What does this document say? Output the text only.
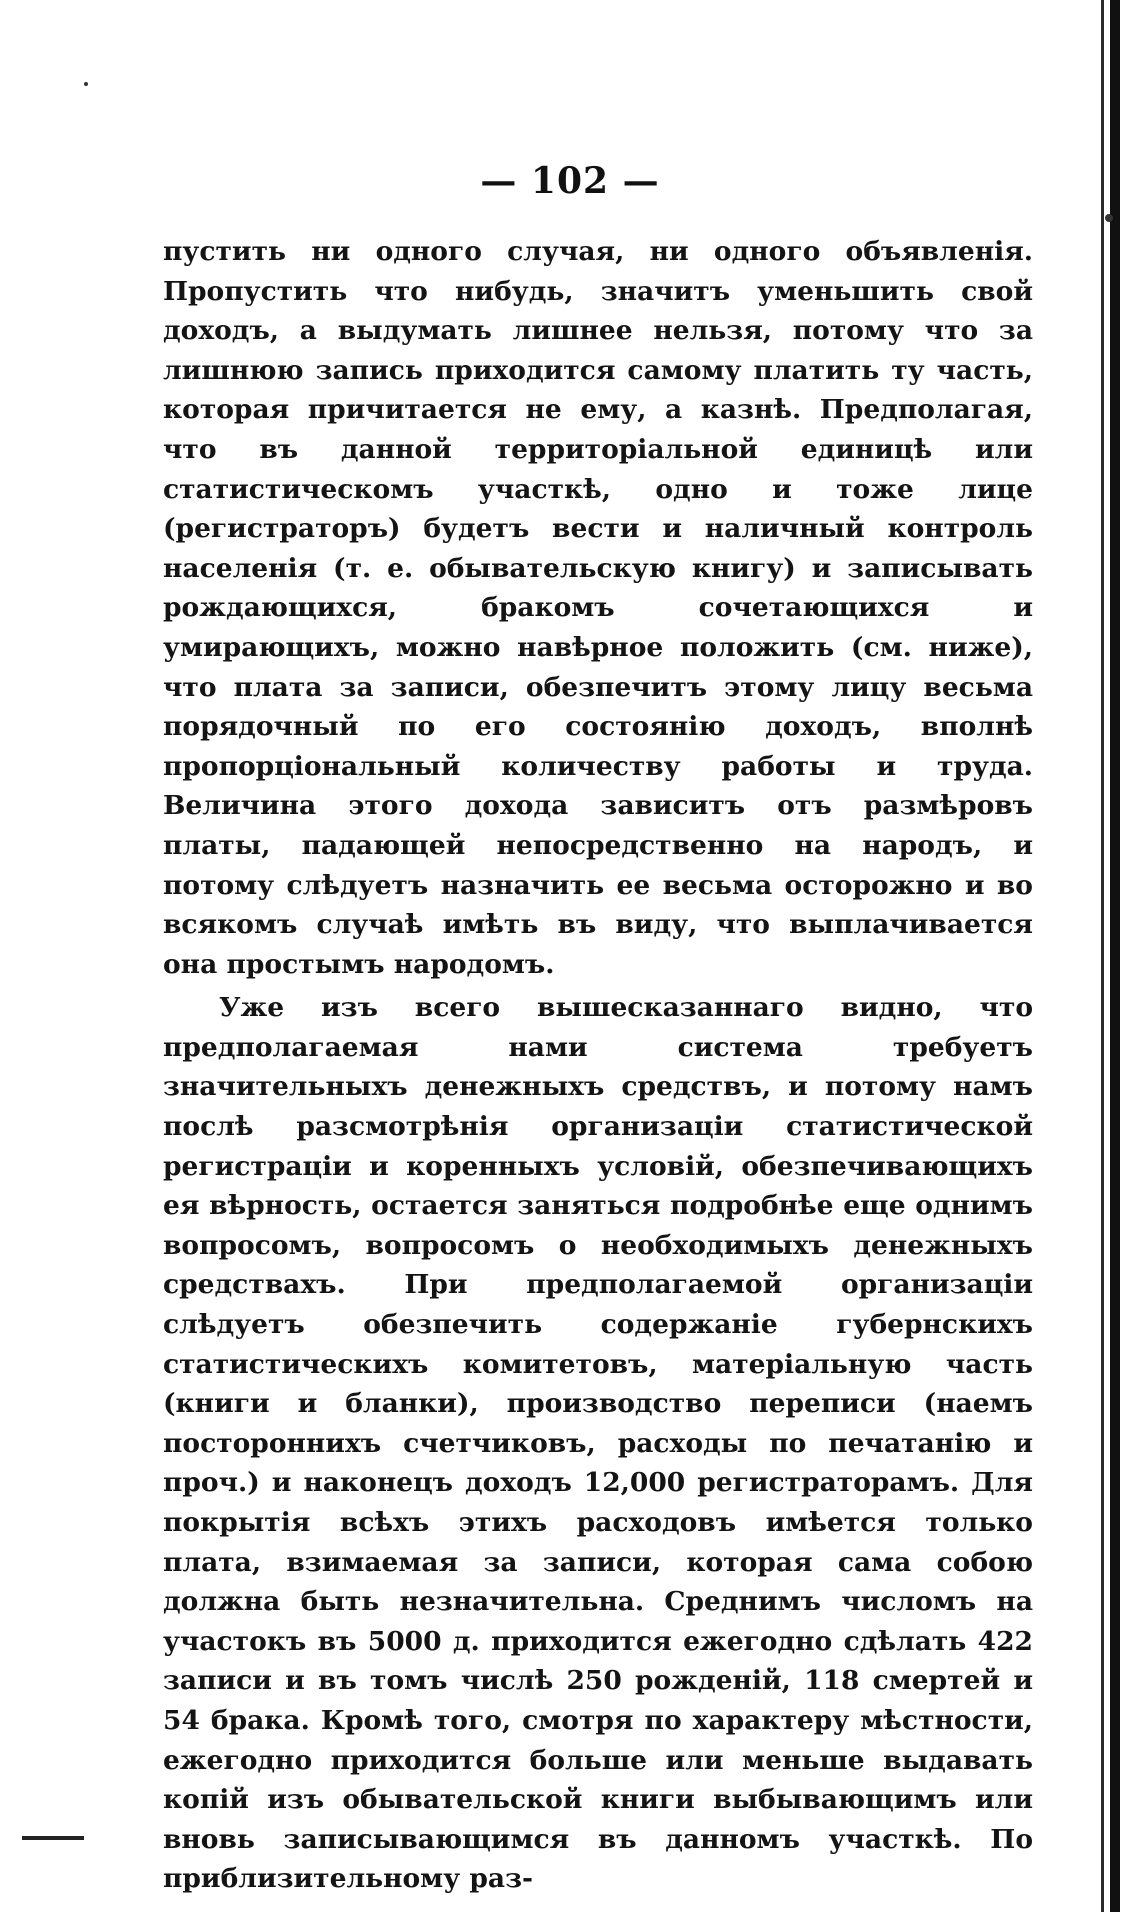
— 102 —

пустить ни одного случая, ни одного объявленія. Пропустить что нибудь, значитъ уменьшить свой доходъ, а выдумать лишнее нельзя, потому что за лишнюю запись приходится самому платить ту часть, которая причитается не ему, а казнѣ. Предполагая, что въ данной территоріальной единицѣ или статистическомъ участкѣ, одно и тоже лице (регистраторъ) будетъ вести и наличный контроль населенія (т. е. обывательскую книгу) и записывать рождающихся, бракомъ сочетающихся и умирающихъ, можно навѣрное положить (см. ниже), что плата за записи, обезпечитъ этому лицу весьма порядочный по его состоянію доходъ, вполнѣ пропорціональный количеству работы и труда. Величина этого дохода зависитъ отъ размѣровъ платы, падающей непосредственно на народъ, и потому слѣдуетъ назначить ее весьма осторожно и во всякомъ случаѣ имѣть въ виду, что выплачивается она простымъ народомъ.

Уже изъ всего вышесказаннаго видно, что предполагаемая нами система требуетъ значительныхъ денежныхъ средствъ, и потому намъ послѣ разсмотрѣнія организаціи статистической регистраціи и коренныхъ условій, обезпечивающихъ ея вѣрность, остается заняться подробнѣе еще однимъ вопросомъ, вопросомъ о необходимыхъ денежныхъ средствахъ. При предполагаемой организаціи слѣдуетъ обезпечить содержаніе губернскихъ статистическихъ комитетовъ, матеріальную часть (книги и бланки), производство переписи (наемъ постороннихъ счетчиковъ, расходы по печатанію и проч.) и наконецъ доходъ 12,000 регистраторамъ. Для покрытія всѣхъ этихъ расходовъ имѣется только плата, взимаемая за записи, которая сама собою должна быть незначительна. Среднимъ числомъ на участокъ въ 5000 д. приходится ежегодно сдѣлать 422 записи и въ томъ числѣ 250 рожденій, 118 смертей и 54 брака. Кромѣ того, смотря по характеру мѣстности, ежегодно приходится больше или меньше выдавать копій изъ обывательской книги выбывающимъ или вновь записывающимся въ данномъ участкѣ. По приблизительному раз-
